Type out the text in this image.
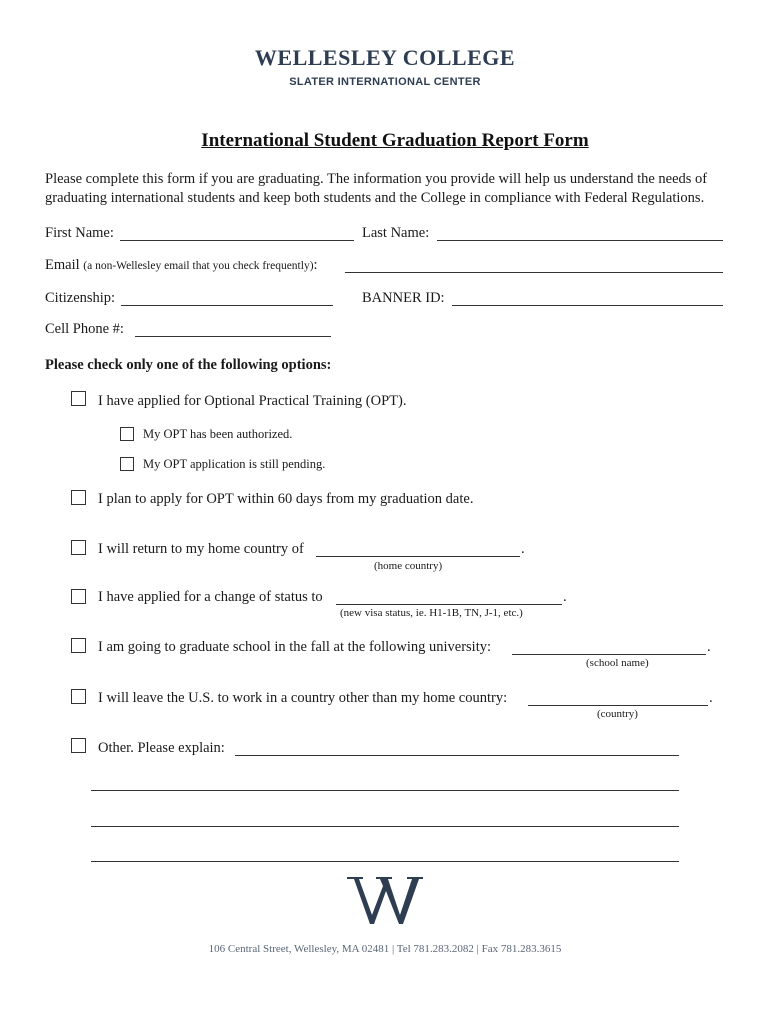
WELLESLEY COLLEGE
SLATER INTERNATIONAL CENTER
International Student Graduation Report Form
Please complete this form if you are graduating. The information you provide will help us understand the needs of graduating international students and keep both students and the College in compliance with Federal Regulations.
First Name:	Last Name:
Email (a non-Wellesley email that you check frequently):
Citizenship:	BANNER ID:
Cell Phone #:
Please check only one of the following options:
I have applied for Optional Practical Training (OPT).
My OPT has been authorized.
My OPT application is still pending.
I plan to apply for OPT within 60 days from my graduation date.
I will return to my home country of	.
(home country)
I have applied for a change of status to	.
(new visa status, ie. H1-1B, TN, J-1, etc.)
I am going to graduate school in the fall at the following university:	.
(school name)
I will leave the U.S. to work in a country other than my home country:	.
(country)
Other. Please explain:
106 Central Street, Wellesley, MA 02481 | Tel 781.283.2082 | Fax 781.283.3615
